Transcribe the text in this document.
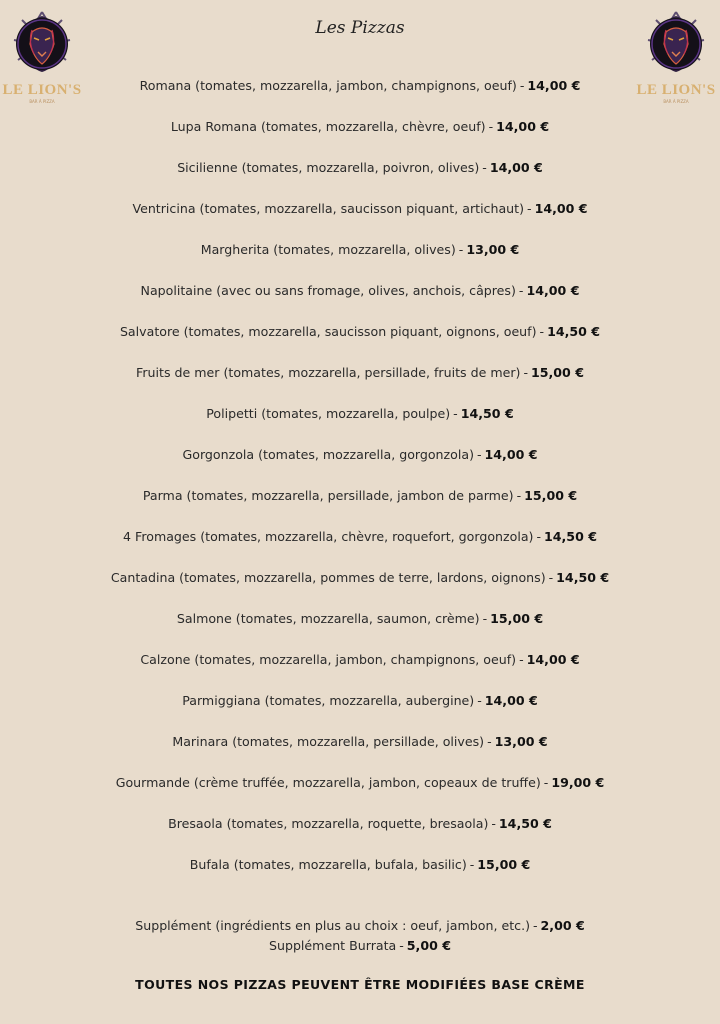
LE LION'S
BAR À PIZZA
LE LION'S
BAR À PIZZA
Les Pizzas
Romana (tomates, mozzarella, jambon, champignons, oeuf) - 14,00 €
Lupa Romana (tomates, mozzarella, chèvre, oeuf) - 14,00 €
Sicilienne (tomates, mozzarella, poivron, olives) - 14,00 €
Ventricina (tomates, mozzarella, saucisson piquant, artichaut) - 14,00 €
Margherita (tomates, mozzarella, olives) - 13,00 €
Napolitaine (avec ou sans fromage, olives, anchois, câpres) - 14,00 €
Salvatore (tomates, mozzarella, saucisson piquant, oignons, oeuf) - 14,50 €
Fruits de mer (tomates, mozzarella, persillade, fruits de mer) - 15,00 €
Polipetti (tomates, mozzarella, poulpe) - 14,50 €
Gorgonzola (tomates, mozzarella, gorgonzola) - 14,00 €
Parma (tomates, mozzarella, persillade, jambon de parme) - 15,00 €
4 Fromages (tomates, mozzarella, chèvre, roquefort, gorgonzola) - 14,50 €
Cantadina (tomates, mozzarella, pommes de terre, lardons, oignons) - 14,50 €
Salmone (tomates, mozzarella, saumon, crème) - 15,00 €
Calzone (tomates, mozzarella, jambon, champignons, oeuf) - 14,00 €
Parmiggiana (tomates, mozzarella, aubergine) - 14,00 €
Marinara (tomates, mozzarella, persillade, olives) - 13,00 €
Gourmande (crème truffée, mozzarella, jambon, copeaux de truffe) - 19,00 €
Bresaola (tomates, mozzarella, roquette, bresaola) - 14,50 €
Bufala (tomates, mozzarella, bufala, basilic) - 15,00 €
Supplément (ingrédients en plus au choix : oeuf, jambon, etc.) - 2,00 €
Supplément Burrata - 5,00 €
TOUTES NOS PIZZAS PEUVENT ÊTRE MODIFIÉES BASE CRÈME
